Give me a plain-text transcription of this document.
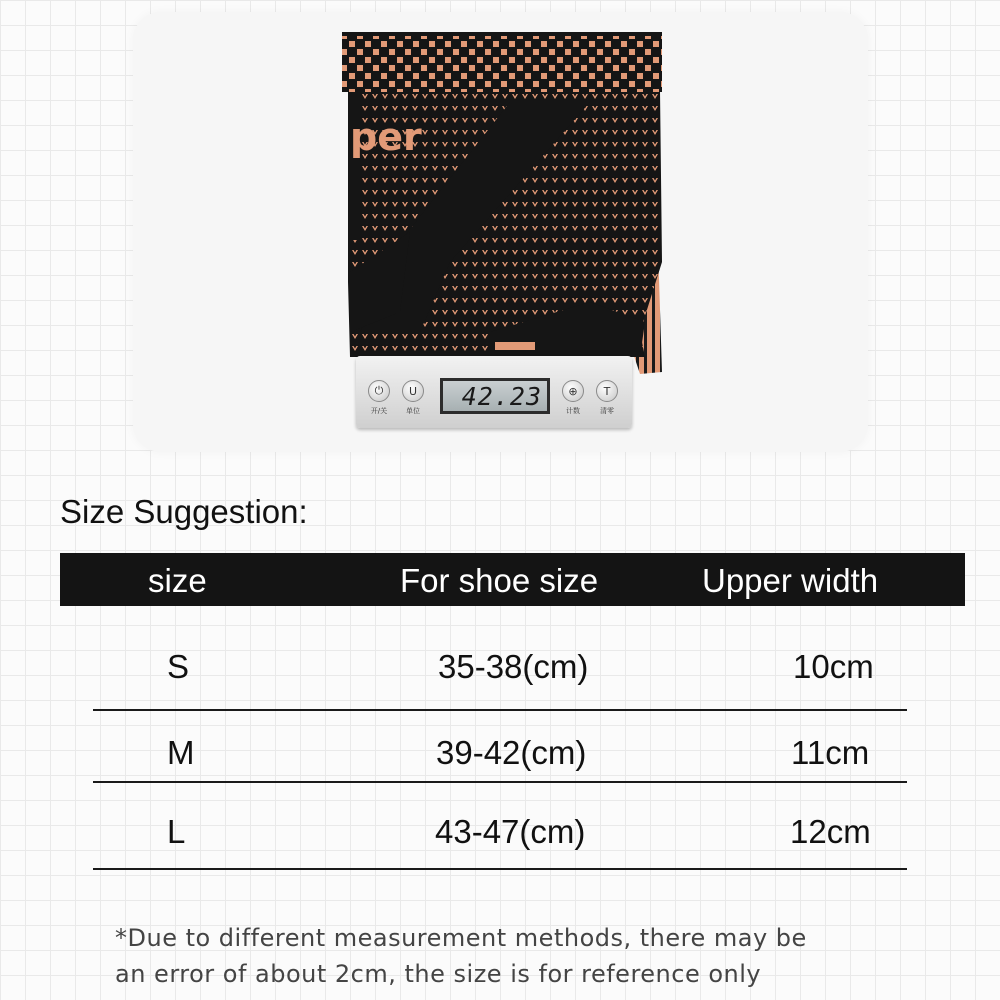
per
⏻
开/关
U
单位
42.23	⊕
计数
T
清零
Size Suggestion:
size	For shoe size	Upper width
S	35-38(cm)	10cm
M	39-42(cm)	11cm
L	43-47(cm)	12cm

*Due to different measurement methods, there may be
an error of about 2cm, the size is for reference only
